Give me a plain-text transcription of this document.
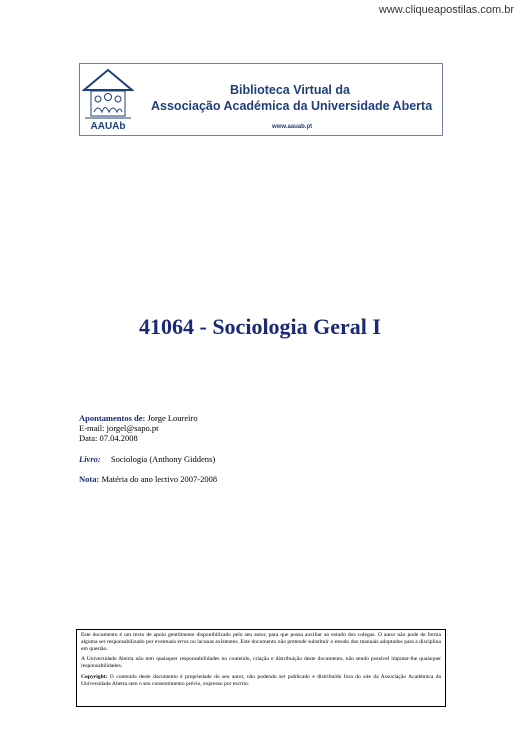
www.cliqueapostilas.com.br
AAUAb
Biblioteca Virtual da
Associação Académica da Universidade Aberta
www.aauab.pt
41064 - Sociologia Geral I
Apontamentos de: Jorge Loureiro
E-mail: jorgel@sapo.pt
Data: 07.04.2008
Livro: Sociologia (Anthony Giddens)
Nota: Matéria do ano lectivo 2007-2008

Este documento é um texto de apoio gentilmente disponibilizado pelo seu autor, para que possa auxiliar ao estudo dos colegas. O autor não pode de forma alguma ser responsabilizado por eventuais erros ou lacunas existentes. Este documento não pretende substituir o estudo dos manuais adoptados para a disciplina em questão.

A Universidade Aberta não tem quaisquer responsabilidades no conteúdo, criação e distribuição deste documento, não sendo possível imputar-lhe quaisquer responsabilidades.

Copyright: O conteúdo deste documento é propriedade do seu autor, não podendo ser publicado e distribuído fora do site da Associação Académica da Universidade Aberta sem o seu consentimento prévio, expresso por escrito.
